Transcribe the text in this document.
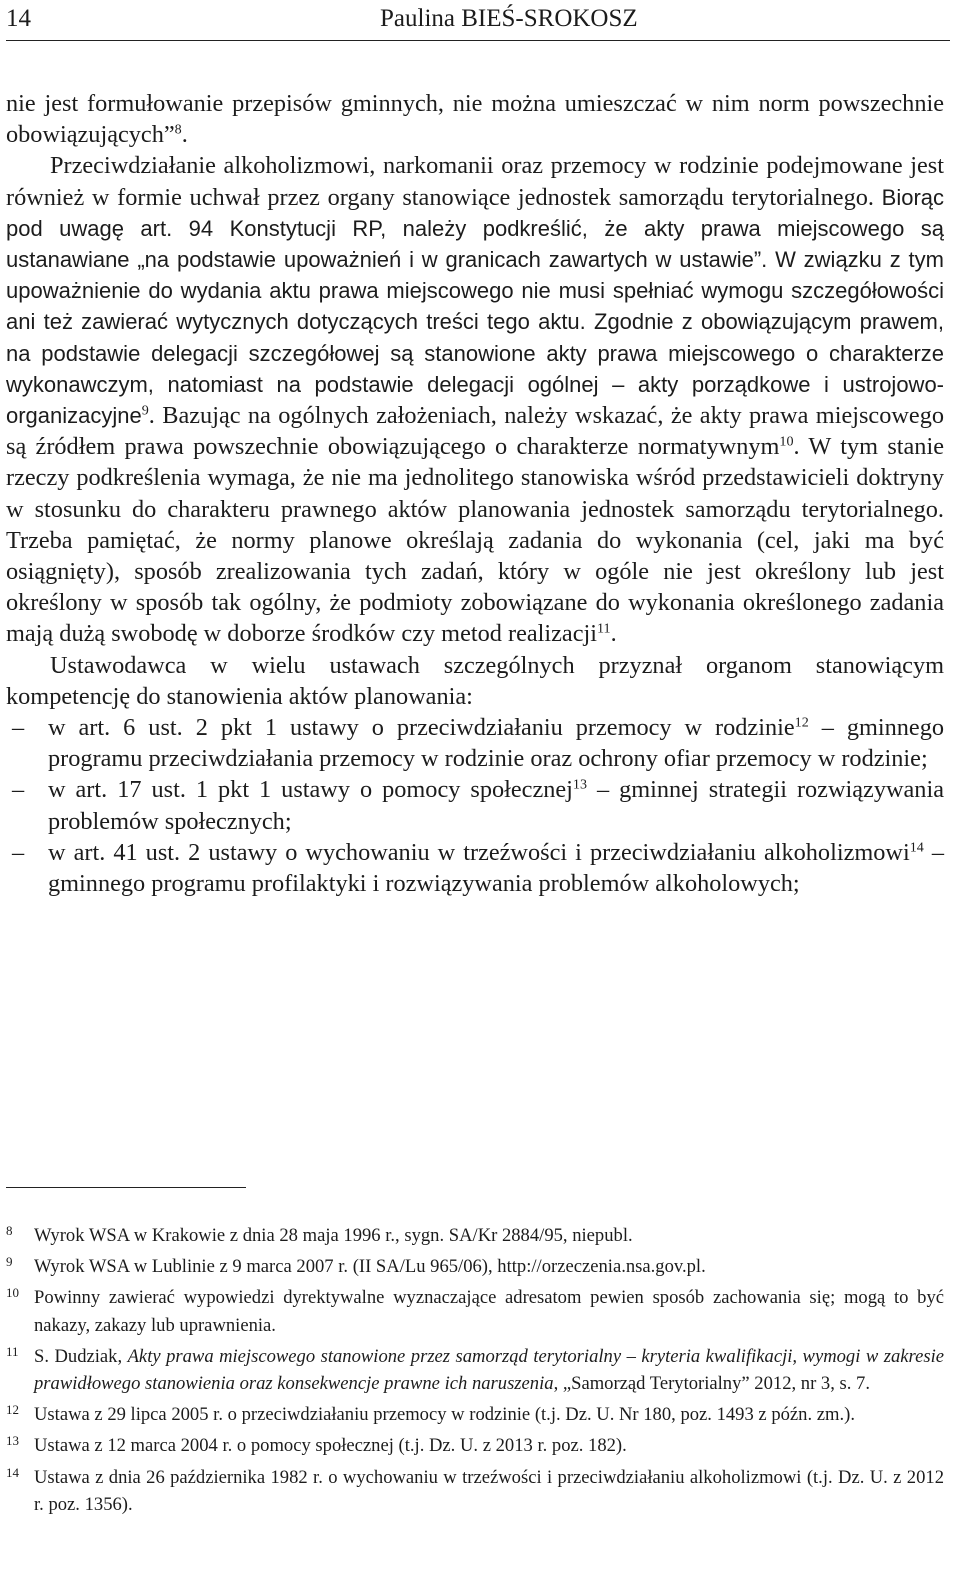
14	Paulina BIEŚ-SROKOSZ

nie jest formułowanie przepisów gminnych, nie można umieszczać w nim norm powszechnie obowiązujących”$^8$.

Przeciwdziałanie alkoholizmowi, narkomanii oraz przemocy w rodzinie podejmowane jest również w formie uchwał przez organy stanowiące jednostek samorządu terytorialnego. Biorąc pod uwagę art. 94 Konstytucji RP, należy podkreślić, że akty prawa miejscowego są ustanawiane „na podstawie upoważnień i w granicach zawartych w ustawie”. W związku z tym upoważnienie do wydania aktu prawa miejscowego nie musi spełniać wymogu szczegółowości ani też zawierać wytycznych dotyczących treści tego aktu. Zgodnie z obowiązującym prawem, na podstawie delegacji szczegółowej są stanowione akty prawa miejscowego o charakterze wykonawczym, natomiast na podstawie delegacji ogólnej – akty porządkowe i ustrojowo-organizacyjne$^9$. Bazując na ogólnych założeniach, należy wskazać, że akty prawa miejscowego są źródłem prawa powszechnie obowiązującego o charakterze normatywnym$^{10}$. W tym stanie rzeczy podkreślenia wymaga, że nie ma jednolitego stanowiska wśród przedstawicieli doktryny w stosunku do charakteru prawnego aktów planowania jednostek samorządu terytorialnego. Trzeba pamiętać, że normy planowe określają zadania do wykonania (cel, jaki ma być osiągnięty), sposób zrealizowania tych zadań, który w ogóle nie jest określony lub jest określony w sposób tak ogólny, że podmioty zobowiązane do wykonania określonego zadania mają dużą swobodę w doborze środków czy metod realizacji$^{11}$.

Ustawodawca w wielu ustawach szczególnych przyznał organom stanowiącym kompetencję do stanowienia aktów planowania:

– w art. 6 ust. 2 pkt 1 ustawy o przeciwdziałaniu przemocy w rodzinie$^{12}$ – gminnego programu przeciwdziałania przemocy w rodzinie oraz ochrony ofiar przemocy w rodzinie;
– w art. 17 ust. 1 pkt 1 ustawy o pomocy społecznej$^{13}$ – gminnej strategii rozwiązywania problemów społecznych;
– w art. 41 ust. 2 ustawy o wychowaniu w trzeźwości i przeciwdziałaniu alkoholizmowi$^{14}$ – gminnego programu profilaktyki i rozwiązywania problemów alkoholowych;

8 Wyrok WSA w Krakowie z dnia 28 maja 1996 r., sygn. SA/Kr 2884/95, niepubl.

9 Wyrok WSA w Lublinie z 9 marca 2007 r. (II SA/Lu 965/06), http://orzeczenia.nsa.gov.pl.

10 Powinny zawierać wypowiedzi dyrektywalne wyznaczające adresatom pewien sposób zachowania się; mogą to być nakazy, zakazy lub uprawnienia.

11 S. Dudziak, Akty prawa miejscowego stanowione przez samorząd terytorialny – kryteria kwalifikacji, wymogi w zakresie prawidłowego stanowienia oraz konsekwencje prawne ich naruszenia, „Samorząd Terytorialny” 2012, nr 3, s. 7.

12 Ustawa z 29 lipca 2005 r. o przeciwdziałaniu przemocy w rodzinie (t.j. Dz. U. Nr 180, poz. 1493 z późn. zm.).

13 Ustawa z 12 marca 2004 r. o pomocy społecznej (t.j. Dz. U. z 2013 r. poz. 182).

14 Ustawa z dnia 26 października 1982 r. o wychowaniu w trzeźwości i przeciwdziałaniu alkoholizmowi (t.j. Dz. U. z 2012 r. poz. 1356).
